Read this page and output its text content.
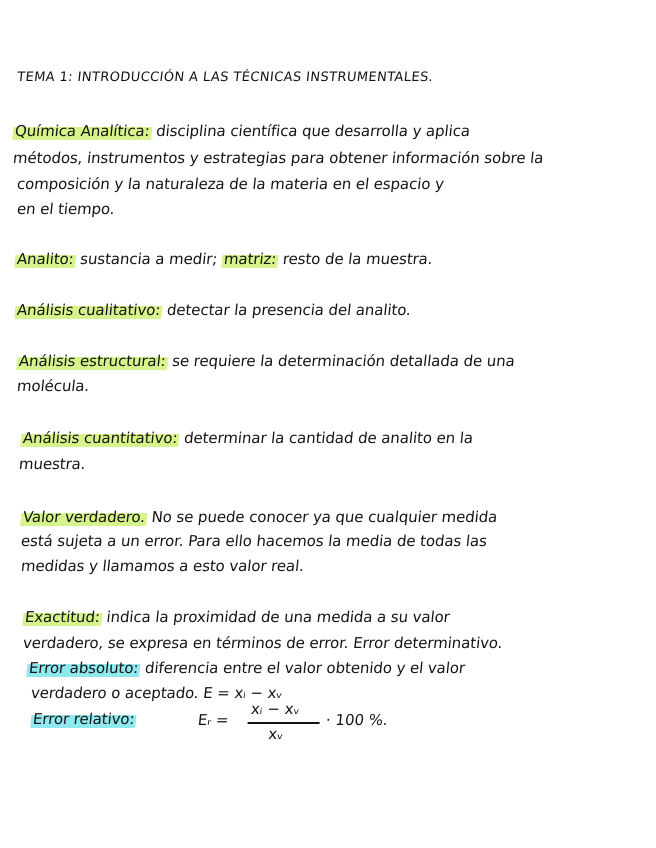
TEMA 1: INTRODUCCIÓN A LAS TÉCNICAS INSTRUMENTALES.
Química Analítica: disciplina científica que desarrolla y aplica
métodos, instrumentos y estrategias para obtener información sobre la
composición y la naturaleza de la materia en el espacio y
en el tiempo.
Analito: sustancia a medir; matriz: resto de la muestra.
Análisis cualitativo: detectar la presencia del analito.
Análisis estructural: se requiere la determinación detallada de una
molécula.
Análisis cuantitativo: determinar la cantidad de analito en la
muestra.
Valor verdadero. No se puede conocer ya que cualquier medida
está sujeta a un error. Para ello hacemos la media de todas las
medidas y llamamos a esto valor real.
Exactitud: indica la proximidad de una medida a su valor
verdadero, se expresa en términos de error. Error determinativo.
Error absoluto: diferencia entre el valor obtenido y el valor
verdadero o aceptado. E = xᵢ − xᵥ
Error relativo:	Eᵣ =
xᵢ − xᵥ
xᵥ
· 100 %.
